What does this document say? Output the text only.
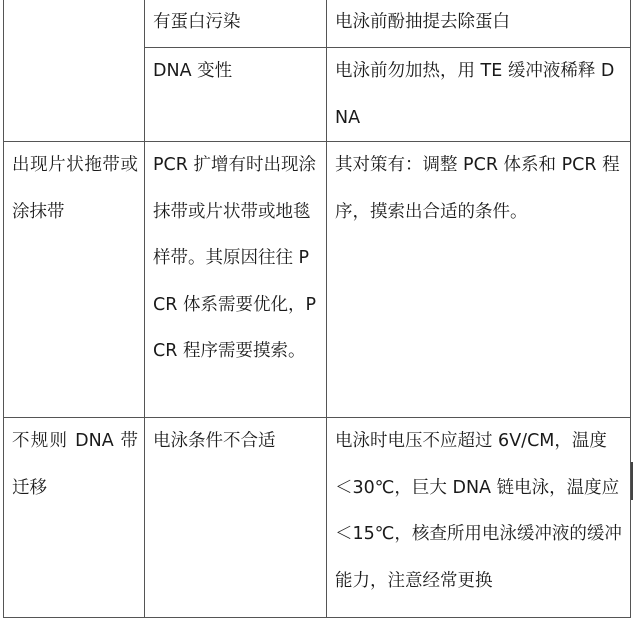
	有蛋白污染	电泳前酚抽提去除蛋白
	DNA 变性	电泳前勿加热，用 TE 缓冲液稀释 DNA
出现片状拖带或涂抹带	PCR 扩增有时出现涂抹带或片状带或地毯样带。其原因往往 PCR 体系需要优化，PCR 程序需要摸索。	其对策有：调整 PCR 体系和 PCR 程序，摸索出合适的条件。
不规则 DNA 带迁移	电泳条件不合适	电泳时电压不应超过 6V/CM，温度＜30℃，巨大 DNA 链电泳，温度应＜15℃，核查所用电泳缓冲液的缓冲能力，注意经常更换
